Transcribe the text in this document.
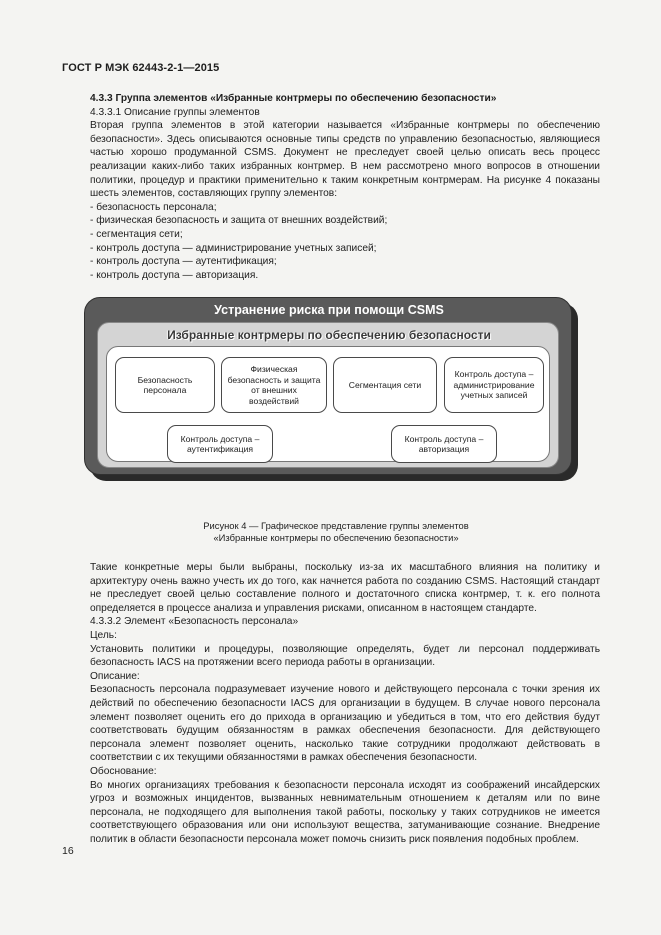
ГОСТ Р МЭК 62443-2-1—2015

4.3.3 Группа элементов «Избранные контрмеры по обеспечению безопасности»

4.3.3.1 Описание группы элементов

Вторая группа элементов в этой категории называется «Избранные контрмеры по обеспечению безопасности». Здесь описываются основные типы средств по управлению безопасностью, являющиеся частью хорошо продуманной CSMS. Документ не преследует своей целью описать весь процесс реализации каких-либо таких избранных контрмер. В нем рассмотрено много вопросов в отношении политики, процедур и практики применительно к таким конкретным контрмерам. На рисунке 4 показаны шесть элементов, составляющих группу элементов:

- безопасность персонала;
- физическая безопасность и защита от внешних воздействий;
- сегментация сети;
- контроль доступа — администрирование учетных записей;
- контроль доступа — аутентификация;
- контроль доступа — авторизация.
Устранение риска при помощи CSMS
Избранные контрмеры по обеспечению безопасности
Безопасность персонала
Физическая безопасность и защита от внешних воздействий
Сегментация сети
Контроль доступа – администрирование учетных записей
Контроль доступа – аутентификация
Контроль доступа – авторизация
Рисунок 4 — Графическое представление группы элементов
«Избранные контрмеры по обеспечению безопасности»

Такие конкретные меры были выбраны, поскольку из-за их масштабного влияния на политику и архитектуру очень важно учесть их до того, как начнется работа по созданию CSMS. Настоящий стандарт не преследует своей целью составление полного и достаточного списка контрмер, т. к. его полнота определяется в процессе анализа и управления рисками, описанном в настоящем стандарте.

4.3.3.2 Элемент «Безопасность персонала»

Цель:

Установить политики и процедуры, позволяющие определять, будет ли персонал поддерживать безопасность IACS на протяжении всего периода работы в организации.

Описание:

Безопасность персонала подразумевает изучение нового и действующего персонала с точки зрения их действий по обеспечению безопасности IACS для организации в будущем. В случае нового персонала элемент позволяет оценить его до прихода в организацию и убедиться в том, что его действия будут соответствовать будущим обязанностям в рамках обеспечения безопасности. Для действующего персонала элемент позволяет оценить, насколько такие сотрудники продолжают действовать в соответствии с их текущими обязанностями в рамках обеспечения безопасности.

Обоснование:

Во многих организациях требования к безопасности персонала исходят из соображений инсайдерских угроз и возможных инцидентов, вызванных невнимательным отношением к деталям или по вине персонала, не подходящего для выполнения такой работы, поскольку у таких сотрудников не имеется соответствующего образования или они используют вещества, затуманивающие сознание. Внедрение политик в области безопасности персонала может помочь снизить риск появления подобных проблем.

16
